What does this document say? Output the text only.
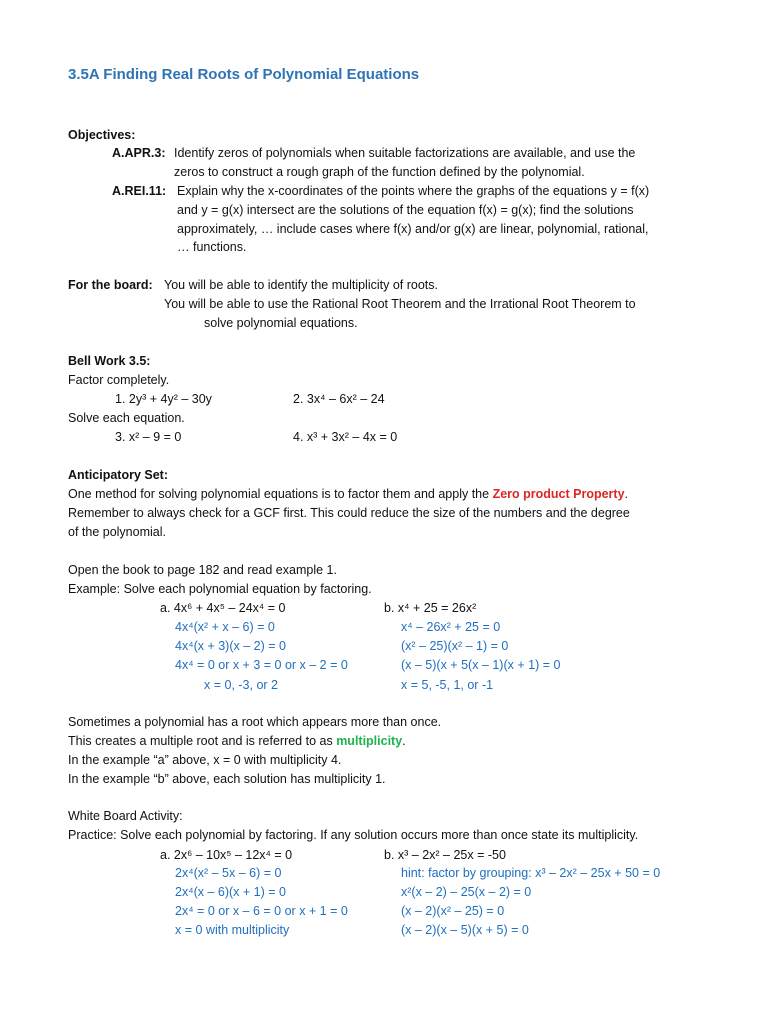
3.5A Finding Real Roots of Polynomial Equations
Objectives:
A.APR.3: Identify zeros of polynomials when suitable factorizations are available, and use the
zeros to construct a rough graph of the function defined by the polynomial.
A.REI.11: Explain why the x-coordinates of the points where the graphs of the equations y = f(x)
and y = g(x) intersect are the solutions of the equation f(x) = g(x); find the solutions
approximately, … include cases where f(x) and/or g(x) are linear, polynomial, rational,
… functions.
For the board: You will be able to identify the multiplicity of roots.
You will be able to use the Rational Root Theorem and the Irrational Root Theorem to
solve polynomial equations.
Bell Work 3.5:
Factor completely.
1. 2y³ + 4y² – 30y	2. 3x⁴ – 6x² – 24
Solve each equation.
3. x² – 9 = 0	4. x³ + 3x² – 4x = 0
Anticipatory Set:
One method for solving polynomial equations is to factor them and apply the Zero product Property.
Remember to always check for a GCF first. This could reduce the size of the numbers and the degree
of the polynomial.
Open the book to page 182 and read example 1.
Example: Solve each polynomial equation by factoring.
a. 4x⁶ + 4x⁵ – 24x⁴ = 0
4x⁴(x² + x – 6) = 0
4x⁴(x + 3)(x – 2) = 0
4x⁴ = 0 or x + 3 = 0 or x – 2 = 0
x = 0, -3, or 2
b. x⁴ + 25 = 26x²
x⁴ – 26x² + 25 = 0
(x² – 25)(x² – 1) = 0
(x – 5)(x + 5(x – 1)(x + 1) = 0
x = 5, -5, 1, or -1
Sometimes a polynomial has a root which appears more than once.
This creates a multiple root and is referred to as multiplicity.
In the example “a” above, x = 0 with multiplicity 4.
In the example “b” above, each solution has multiplicity 1.
White Board Activity:
Practice: Solve each polynomial by factoring. If any solution occurs more than once state its multiplicity.
a. 2x⁶ – 10x⁵ – 12x⁴ = 0
2x⁴(x² – 5x – 6) = 0
2x⁴(x – 6)(x + 1) = 0
2x⁴ = 0 or x – 6 = 0 or x + 1 = 0
x = 0 with multiplicity
b. x³ – 2x² – 25x = -50
hint: factor by grouping: x³ – 2x² – 25x + 50 = 0
x²(x – 2) – 25(x – 2) = 0
(x – 2)(x² – 25) = 0
(x – 2)(x – 5)(x + 5) = 0
